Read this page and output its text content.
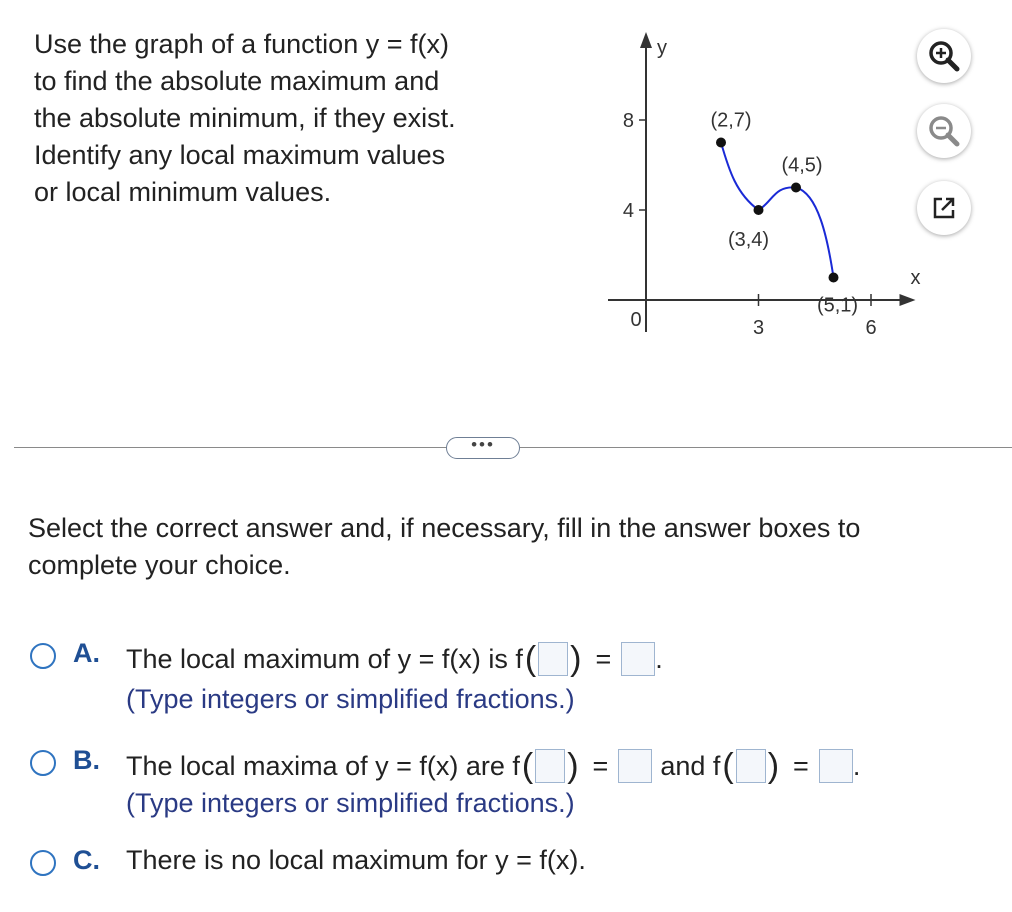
Use the graph of a function y = f(x)
to find the absolute maximum and
the absolute minimum, if they exist.
Identify any local maximum values
or local minimum values.
y
x
0	3	6
4
8	(2,7)
(3,4)
(4,5)
(5,1)
•••
Select the correct answer and, if necessary, fill in the answer boxes to complete your choice.
A. The local maximum of y = f(x) is f ( ) = .
(Type integers or simplified fractions.)
B. The local maxima of y = f(x) are f ( ) = and f ( ) = .
(Type integers or simplified fractions.)
C. There is no local maximum for y = f(x).
